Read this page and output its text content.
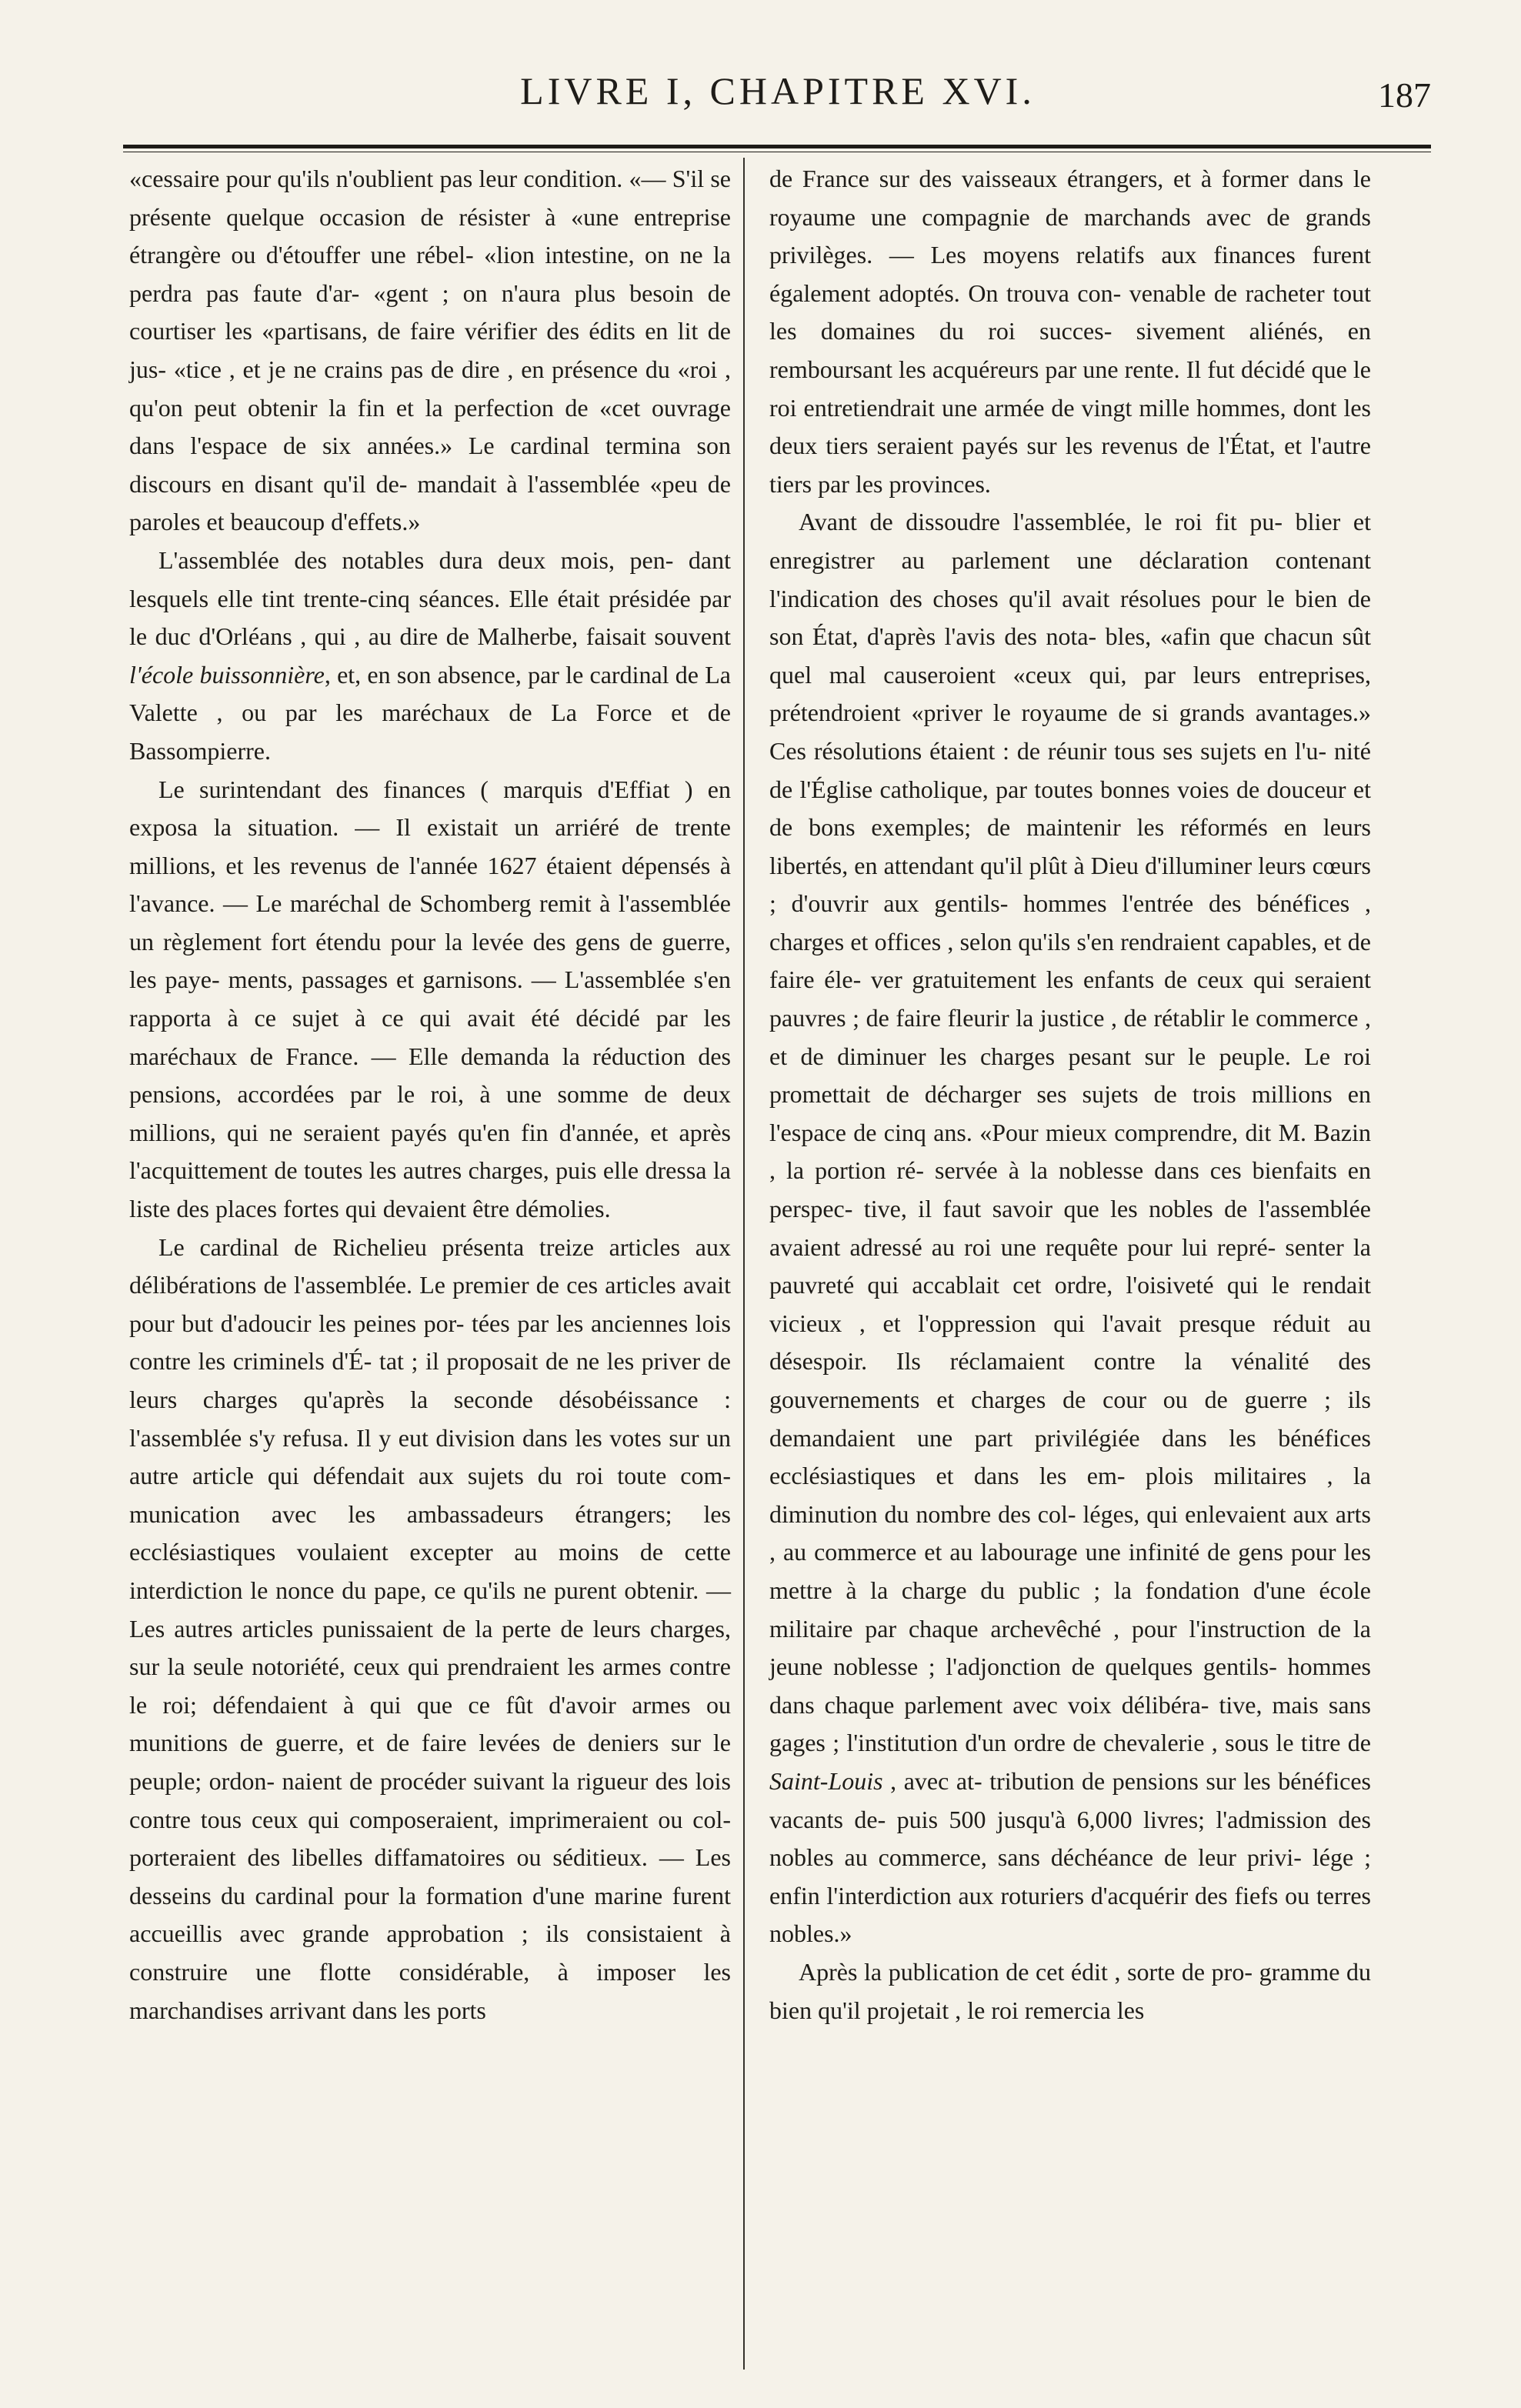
LIVRE I, CHAPITRE XVI.	187

«cessaire pour qu'ils n'oublient pas leur condition. «— S'il se présente quelque occasion de résister à «une entreprise étrangère ou d'étouffer une rébel- «lion intestine, on ne la perdra pas faute d'ar- «gent ; on n'aura plus besoin de courtiser les «partisans, de faire vérifier des édits en lit de jus- «tice , et je ne crains pas de dire , en présence du «roi , qu'on peut obtenir la fin et la perfection de «cet ouvrage dans l'espace de six années.» Le cardinal termina son discours en disant qu'il de- mandait à l'assemblée «peu de paroles et beaucoup d'effets.»

L'assemblée des notables dura deux mois, pen- dant lesquels elle tint trente-cinq séances. Elle était présidée par le duc d'Orléans , qui , au dire de Malherbe, faisait souvent l'école buissonnière, et, en son absence, par le cardinal de La Valette , ou par les maréchaux de La Force et de Bassompierre.

Le surintendant des finances ( marquis d'Effiat ) en exposa la situation. — Il existait un arriéré de trente millions, et les revenus de l'année 1627 étaient dépensés à l'avance. — Le maréchal de Schomberg remit à l'assemblée un règlement fort étendu pour la levée des gens de guerre, les paye- ments, passages et garnisons. — L'assemblée s'en rapporta à ce sujet à ce qui avait été décidé par les maréchaux de France. — Elle demanda la réduction des pensions, accordées par le roi, à une somme de deux millions, qui ne seraient payés qu'en fin d'année, et après l'acquittement de toutes les autres charges, puis elle dressa la liste des places fortes qui devaient être démolies.

Le cardinal de Richelieu présenta treize articles aux délibérations de l'assemblée. Le premier de ces articles avait pour but d'adoucir les peines por- tées par les anciennes lois contre les criminels d'É- tat ; il proposait de ne les priver de leurs charges qu'après la seconde désobéissance : l'assemblée s'y refusa. Il y eut division dans les votes sur un autre article qui défendait aux sujets du roi toute com- munication avec les ambassadeurs étrangers; les ecclésiastiques voulaient excepter au moins de cette interdiction le nonce du pape, ce qu'ils ne purent obtenir. — Les autres articles punissaient de la perte de leurs charges, sur la seule notoriété, ceux qui prendraient les armes contre le roi; défendaient à qui que ce fût d'avoir armes ou munitions de guerre, et de faire levées de deniers sur le peuple; ordon- naient de procéder suivant la rigueur des lois contre tous ceux qui composeraient, imprimeraient ou col- porteraient des libelles diffamatoires ou séditieux. — Les desseins du cardinal pour la formation d'une marine furent accueillis avec grande approbation ; ils consistaient à construire une flotte considérable, à imposer les marchandises arrivant dans les ports

de France sur des vaisseaux étrangers, et à former dans le royaume une compagnie de marchands avec de grands privilèges. — Les moyens relatifs aux finances furent également adoptés. On trouva con- venable de racheter tout les domaines du roi succes- sivement aliénés, en remboursant les acquéreurs par une rente. Il fut décidé que le roi entretiendrait une armée de vingt mille hommes, dont les deux tiers seraient payés sur les revenus de l'État, et l'autre tiers par les provinces.

Avant de dissoudre l'assemblée, le roi fit pu- blier et enregistrer au parlement une déclaration contenant l'indication des choses qu'il avait résolues pour le bien de son État, d'après l'avis des nota- bles, «afin que chacun sût quel mal causeroient «ceux qui, par leurs entreprises, prétendroient «priver le royaume de si grands avantages.» Ces résolutions étaient : de réunir tous ses sujets en l'u- nité de l'Église catholique, par toutes bonnes voies de douceur et de bons exemples; de maintenir les réformés en leurs libertés, en attendant qu'il plût à Dieu d'illuminer leurs cœurs ; d'ouvrir aux gentils- hommes l'entrée des bénéfices , charges et offices , selon qu'ils s'en rendraient capables, et de faire éle- ver gratuitement les enfants de ceux qui seraient pauvres ; de faire fleurir la justice , de rétablir le commerce , et de diminuer les charges pesant sur le peuple. Le roi promettait de décharger ses sujets de trois millions en l'espace de cinq ans. «Pour mieux comprendre, dit M. Bazin , la portion ré- servée à la noblesse dans ces bienfaits en perspec- tive, il faut savoir que les nobles de l'assemblée avaient adressé au roi une requête pour lui repré- senter la pauvreté qui accablait cet ordre, l'oisiveté qui le rendait vicieux , et l'oppression qui l'avait presque réduit au désespoir. Ils réclamaient contre la vénalité des gouvernements et charges de cour ou de guerre ; ils demandaient une part privilégiée dans les bénéfices ecclésiastiques et dans les em- plois militaires , la diminution du nombre des col- léges, qui enlevaient aux arts , au commerce et au labourage une infinité de gens pour les mettre à la charge du public ; la fondation d'une école militaire par chaque archevêché , pour l'instruction de la jeune noblesse ; l'adjonction de quelques gentils- hommes dans chaque parlement avec voix délibéra- tive, mais sans gages ; l'institution d'un ordre de chevalerie , sous le titre de Saint-Louis , avec at- tribution de pensions sur les bénéfices vacants de- puis 500 jusqu'à 6,000 livres; l'admission des nobles au commerce, sans déchéance de leur privi- lége ; enfin l'interdiction aux roturiers d'acquérir des fiefs ou terres nobles.»

Après la publication de cet édit , sorte de pro- gramme du bien qu'il projetait , le roi remercia les
